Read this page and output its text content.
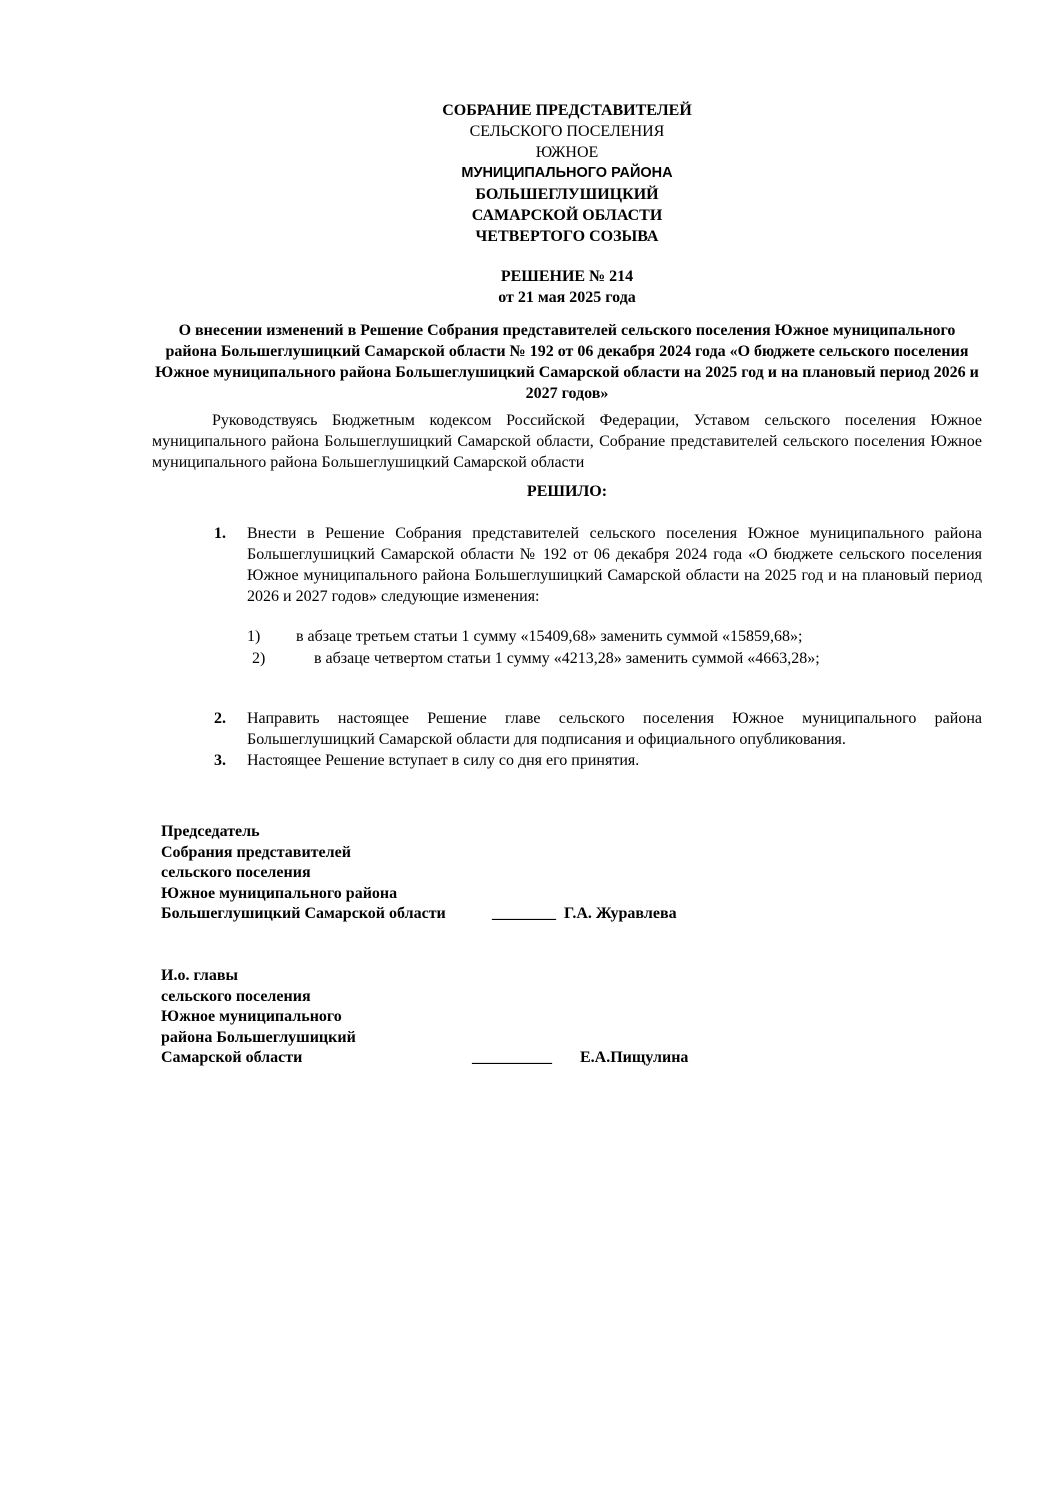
СОБРАНИЕ ПРЕДСТАВИТЕЛЕЙ
СЕЛЬСКОГО ПОСЕЛЕНИЯ
ЮЖНОЕ
МУНИЦИПАЛЬНОГО РАЙОНА
БОЛЬШЕГЛУШИЦКИЙ
САМАРСКОЙ ОБЛАСТИ
ЧЕТВЕРТОГО СОЗЫВА
РЕШЕНИЕ № 214
от 21 мая 2025 года
О внесении изменений в Решение Собрания представителей сельского поселения Южное муниципального района Большеглушицкий Самарской области № 192 от 06 декабря 2024 года «О бюджете сельского поселения Южное муниципального района Большеглушицкий Самарской области на 2025 год и на плановый период 2026 и 2027 годов»
Руководствуясь Бюджетным кодексом Российской Федерации, Уставом сельского поселения Южное муниципального района Большеглушицкий Самарской области, Собрание представителей сельского поселения Южное муниципального района Большеглушицкий Самарской области
РЕШИЛО:
1. Внести в Решение Собрания представителей сельского поселения Южное муниципального района Большеглушицкий Самарской области № 192 от 06 декабря 2024 года «О бюджете сельского поселения Южное муниципального района Большеглушицкий Самарской области на 2025 год и на плановый период 2026 и 2027 годов» следующие изменения:
1) в абзаце третьем статьи 1 сумму «15409,68» заменить суммой «15859,68»;
2)	в абзаце четвертом статьи 1 сумму «4213,28» заменить суммой «4663,28»;
2. Направить настоящее Решение главе сельского поселения Южное муниципального района Большеглушицкий Самарской области для подписания и официального опубликования.
3. Настоящее Решение вступает в силу со дня его принятия.
Председатель
Собрания представителей
сельского поселения
Южное муниципального района
Большеглушицкий Самарской области	________ Г.А. Журавлева
И.о. главы
сельского поселения
Южное муниципального
района Большеглушицкий
Самарской области	__________ Е.А.Пищулина
